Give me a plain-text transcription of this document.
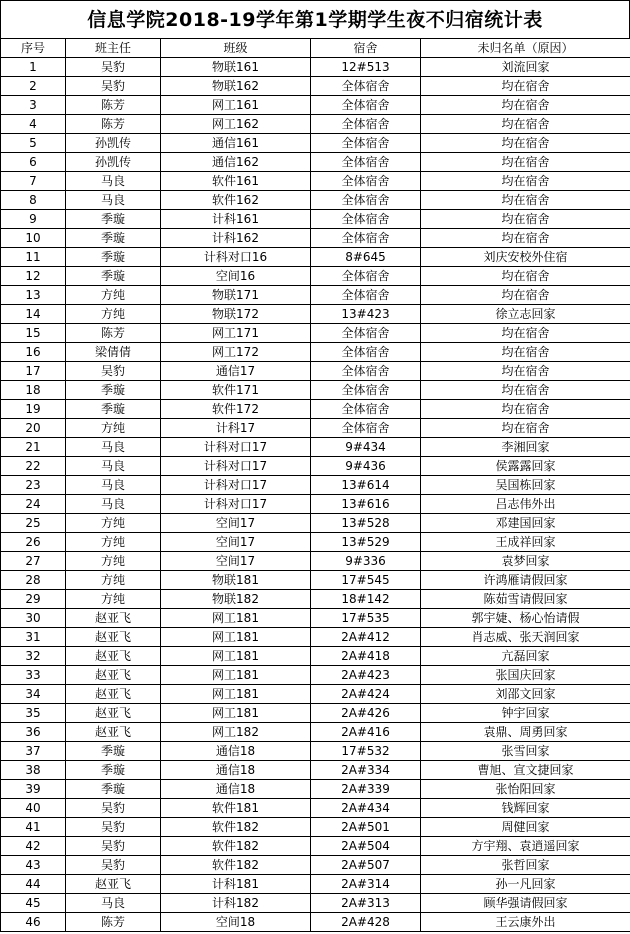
信息学院2018-19学年第1学期学生夜不归宿统计表
序号	班主任	班级	宿舍	未归名单（原因）
1	吴豹	物联161	12#513	刘流回家
2	吴豹	物联162	全体宿舍	均在宿舍
3	陈芳	网工161	全体宿舍	均在宿舍
4	陈芳	网工162	全体宿舍	均在宿舍
5	孙凯传	通信161	全体宿舍	均在宿舍
6	孙凯传	通信162	全体宿舍	均在宿舍
7	马良	软件161	全体宿舍	均在宿舍
8	马良	软件162	全体宿舍	均在宿舍
9	季璇	计科161	全体宿舍	均在宿舍
10	季璇	计科162	全体宿舍	均在宿舍
11	季璇	计科对口16	8#645	刘庆安校外住宿
12	季璇	空间16	全体宿舍	均在宿舍
13	方纯	物联171	全体宿舍	均在宿舍
14	方纯	物联172	13#423	徐立志回家
15	陈芳	网工171	全体宿舍	均在宿舍
16	梁倩倩	网工172	全体宿舍	均在宿舍
17	吴豹	通信17	全体宿舍	均在宿舍
18	季璇	软件171	全体宿舍	均在宿舍
19	季璇	软件172	全体宿舍	均在宿舍
20	方纯	计科17	全体宿舍	均在宿舍
21	马良	计科对口17	9#434	李湘回家
22	马良	计科对口17	9#436	侯露露回家
23	马良	计科对口17	13#614	吴国栋回家
24	马良	计科对口17	13#616	吕志伟外出
25	方纯	空间17	13#528	邓建国回家
26	方纯	空间17	13#529	王成祥回家
27	方纯	空间17	9#336	袁梦回家
28	方纯	物联181	17#545	许鸿雁请假回家
29	方纯	物联182	18#142	陈茹雪请假回家
30	赵亚飞	网工181	17#535	郭宇婕、杨心怡请假
31	赵亚飞	网工181	2A#412	肖志威、张天润回家
32	赵亚飞	网工181	2A#418	亢磊回家
33	赵亚飞	网工181	2A#423	张国庆回家
34	赵亚飞	网工181	2A#424	刘邵文回家
35	赵亚飞	网工181	2A#426	钟宇回家
36	赵亚飞	网工182	2A#416	袁鼎、周勇回家
37	季璇	通信18	17#532	张雪回家
38	季璇	通信18	2A#334	曹旭、宣文捷回家
39	季璇	通信18	2A#339	张怡阳回家
40	吴豹	软件181	2A#434	钱辉回家
41	吴豹	软件182	2A#501	周健回家
42	吴豹	软件182	2A#504	方宇翔、袁逍遥回家
43	吴豹	软件182	2A#507	张哲回家
44	赵亚飞	计科181	2A#314	孙一凡回家
45	马良	计科182	2A#313	顾华强请假回家
46	陈芳	空间18	2A#428	王云康外出
